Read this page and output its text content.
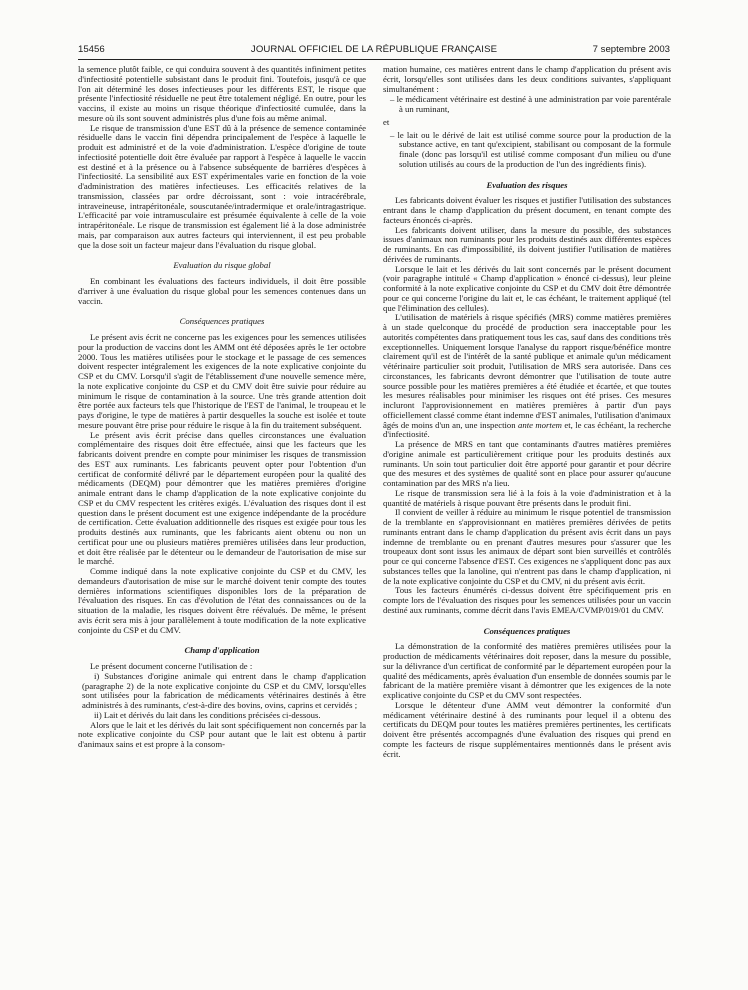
15456	JOURNAL OFFICIEL DE LA RÉPUBLIQUE FRANÇAISE	7 septembre 2003

la semence plutôt faible, ce qui conduira souvent à des quantités infiniment petites d'infectiosité potentielle subsistant dans le produit fini. Toutefois, jusqu'à ce que l'on ait déterminé les doses infectieuses pour les différents EST, le risque que présente l'infectiosité résiduelle ne peut être totalement négligé. En outre, pour les vaccins, il existe au moins un risque théorique d'infectiosité cumulée, dans la mesure où ils sont souvent administrés plus d'une fois au même animal.

Le risque de transmission d'une EST dû à la présence de semence contaminée résiduelle dans le vaccin fini dépendra principalement de l'espèce à laquelle le produit est administré et de la voie d'administration. L'espèce d'origine de toute infectiosité potentielle doit être évaluée par rapport à l'espèce à laquelle le vaccin est destiné et à la présence ou à l'absence subséquente de barrières d'espèces à l'infectiosité. La sensibilité aux EST expérimentales varie en fonction de la voie d'administration des matières infectieuses. Les efficacités relatives de la transmission, classées par ordre décroissant, sont : voie intracérébrale, intraveineuse, intrapéritonéale, souscutanée/intradermique et orale/intragastrique. L'efficacité par voie intramusculaire est présumée équivalente à celle de la voie intrapéritonéale. Le risque de transmission est également lié à la dose administrée mais, par comparaison aux autres facteurs qui interviennent, il est peu probable que la dose soit un facteur majeur dans l'évaluation du risque global.

Evaluation du risque global

En combinant les évaluations des facteurs individuels, il doit être possible d'arriver à une évaluation du risque global pour les semences contenues dans un vaccin.

Conséquences pratiques

Le présent avis écrit ne concerne pas les exigences pour les semences utilisées pour la production de vaccins dont les AMM ont été déposées après le 1er octobre 2000. Tous les matières utilisées pour le stockage et le passage de ces semences doivent respecter intégralement les exigences de la note explicative conjointe du CSP et du CMV. Lorsqu'il s'agit de l'établissement d'une nouvelle semence mère, la note explicative conjointe du CSP et du CMV doit être suivie pour réduire au minimum le risque de contamination à la source. Une très grande attention doit être portée aux facteurs tels que l'historique de l'EST de l'animal, le troupeau et le pays d'origine, le type de matières à partir desquelles la souche est isolée et toute mesure pouvant être prise pour réduire le risque à la fin du traitement subséquent.

Le présent avis écrit précise dans quelles circonstances une évaluation complémentaire des risques doit être effectuée, ainsi que les facteurs que les fabricants doivent prendre en compte pour minimiser les risques de transmission des EST aux ruminants. Les fabricants peuvent opter pour l'obtention d'un certificat de conformité délivré par le département européen pour la qualité des médicaments (DEQM) pour démontrer que les matières premières d'origine animale entrant dans le champ d'application de la note explicative conjointe du CSP et du CMV respectent les critères exigés. L'évaluation des risques dont il est question dans le présent document est une exigence indépendante de la procédure de certification. Cette évaluation additionnelle des risques est exigée pour tous les produits destinés aux ruminants, que les fabricants aient obtenu ou non un certificat pour une ou plusieurs matières premières utilisées dans leur production, et doit être réalisée par le détenteur ou le demandeur de l'autorisation de mise sur le marché.

Comme indiqué dans la note explicative conjointe du CSP et du CMV, les demandeurs d'autorisation de mise sur le marché doivent tenir compte des toutes dernières informations scientifiques disponibles lors de la préparation de l'évaluation des risques. En cas d'évolution de l'état des connaissances ou de la situation de la maladie, les risques doivent être réévalués. De même, le présent avis écrit sera mis à jour parallèlement à toute modification de la note explicative conjointe du CSP et du CMV.

Champ d'application

Le présent document concerne l'utilisation de :

i) Substances d'origine animale qui entrent dans le champ d'application (paragraphe 2) de la note explicative conjointe du CSP et du CMV, lorsqu'elles sont utilisées pour la fabrication de médicaments vétérinaires destinés à être administrés à des ruminants, c'est-à-dire des bovins, ovins, caprins et cervidés ;

ii) Lait et dérivés du lait dans les conditions précisées ci-dessous.

Alors que le lait et les dérivés du lait sont spécifiquement non concernés par la note explicative conjointe du CSP pour autant que le lait est obtenu à partir d'animaux sains et est propre à la consom-

mation humaine, ces matières entrent dans le champ d'application du présent avis écrit, lorsqu'elles sont utilisées dans les deux conditions suivantes, s'appliquant simultanément :

– le médicament vétérinaire est destiné à une administration par voie parentérale à un ruminant,

et

– le lait ou le dérivé de lait est utilisé comme source pour la production de la substance active, en tant qu'excipient, stabilisant ou composant de la formule finale (donc pas lorsqu'il est utilisé comme composant d'un milieu ou d'une solution utilisés au cours de la production de l'un des ingrédients finis).

Evaluation des risques

Les fabricants doivent évaluer les risques et justifier l'utilisation des substances entrant dans le champ d'application du présent document, en tenant compte des facteurs énoncés ci-après.

Les fabricants doivent utiliser, dans la mesure du possible, des substances issues d'animaux non ruminants pour les produits destinés aux différentes espèces de ruminants. En cas d'impossibilité, ils doivent justifier l'utilisation de matières dérivées de ruminants.

Lorsque le lait et les dérivés du lait sont concernés par le présent document (voir paragraphe intitulé « Champ d'application » énoncé ci-dessus), leur pleine conformité à la note explicative conjointe du CSP et du CMV doit être démontrée pour ce qui concerne l'origine du lait et, le cas échéant, le traitement appliqué (tel que l'élimination des cellules).

L'utilisation de matériels à risque spécifiés (MRS) comme matières premières à un stade quelconque du procédé de production sera inacceptable pour les autorités compétentes dans pratiquement tous les cas, sauf dans des conditions très exceptionnelles. Uniquement lorsque l'analyse du rapport risque/bénéfice montre clairement qu'il est de l'intérêt de la santé publique et animale qu'un médicament vétérinaire particulier soit produit, l'utilisation de MRS sera autorisée. Dans ces circonstances, les fabricants devront démontrer que l'utilisation de toute autre source possible pour les matières premières a été étudiée et écartée, et que toutes les mesures réalisables pour minimiser les risques ont été prises. Ces mesures incluront l'approvisionnement en matières premières à partir d'un pays officiellement classé comme étant indemne d'EST animales, l'utilisation d'animaux âgés de moins d'un an, une inspection ante mortem et, le cas échéant, la recherche d'infectiosité.

La présence de MRS en tant que contaminants d'autres matières premières d'origine animale est particulièrement critique pour les produits destinés aux ruminants. Un soin tout particulier doit être apporté pour garantir et pour décrire que des mesures et des systèmes de qualité sont en place pour assurer qu'aucune contamination par des MRS n'a lieu.

Le risque de transmission sera lié à la fois à la voie d'administration et à la quantité de matériels à risque pouvant être présents dans le produit fini.

Il convient de veiller à réduire au minimum le risque potentiel de transmission de la tremblante en s'approvisionnant en matières premières dérivées de petits ruminants entrant dans le champ d'application du présent avis écrit dans un pays indemne de tremblante ou en prenant d'autres mesures pour s'assurer que les troupeaux dont sont issus les animaux de départ sont bien surveillés et contrôlés pour ce qui concerne l'absence d'EST. Ces exigences ne s'appliquent donc pas aux substances telles que la lanoline, qui n'entrent pas dans le champ d'application, ni de la note explicative conjointe du CSP et du CMV, ni du présent avis écrit.

Tous les facteurs énumérés ci-dessus doivent être spécifiquement pris en compte lors de l'évaluation des risques pour les semences utilisées pour un vaccin destiné aux ruminants, comme décrit dans l'avis EMEA/CVMP/019/01 du CMV.

Conséquences pratiques

La démonstration de la conformité des matières premières utilisées pour la production de médicaments vétérinaires doit reposer, dans la mesure du possible, sur la délivrance d'un certificat de conformité par le département européen pour la qualité des médicaments, après évaluation d'un ensemble de données soumis par le fabricant de la matière première visant à démontrer que les exigences de la note explicative conjointe du CSP et du CMV sont respectées.

Lorsque le détenteur d'une AMM veut démontrer la conformité d'un médicament vétérinaire destiné à des ruminants pour lequel il a obtenu des certificats du DEQM pour toutes les matières premières pertinentes, les certificats doivent être présentés accompagnés d'une évaluation des risques qui prend en compte les facteurs de risque supplémentaires mentionnés dans le présent avis écrit.
